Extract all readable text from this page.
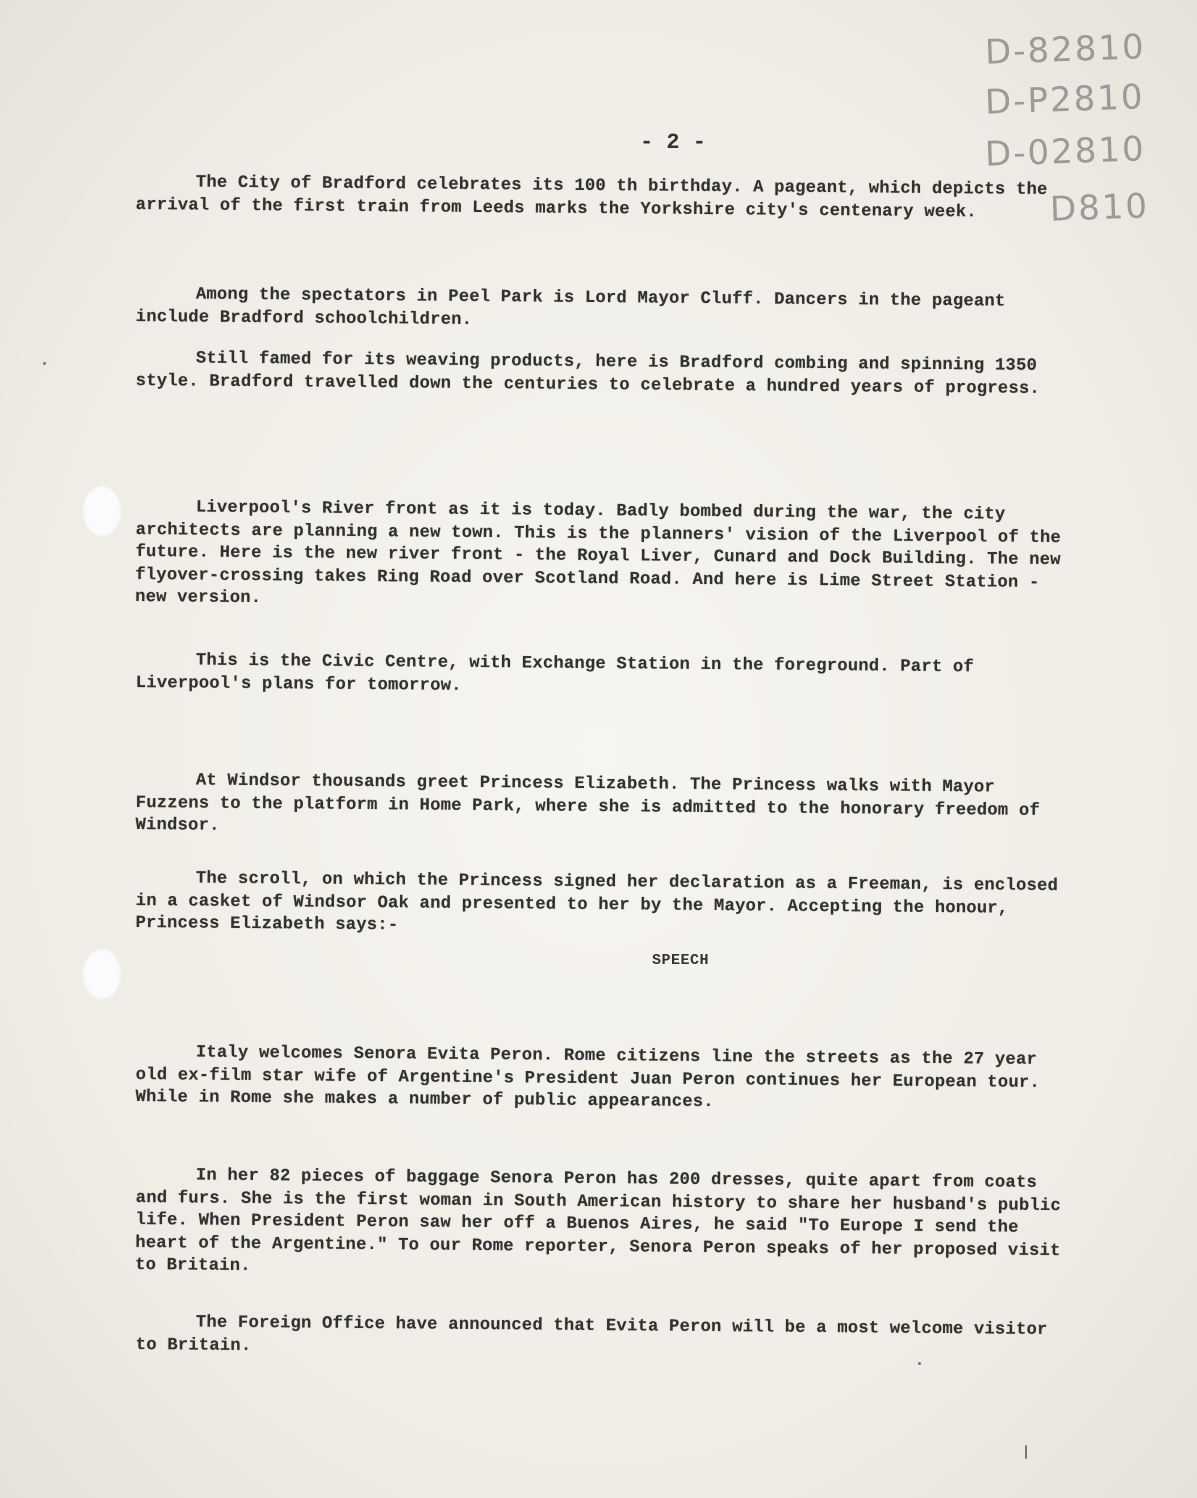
D-82810
D-P2810
D-02810
D810
- 2 -

The City of Bradford celebrates its 100 th birthday. A pageant, which depicts the arrival of the first train from Leeds marks the Yorkshire city's centenary week.

Among the spectators in Peel Park is Lord Mayor Cluff. Dancers in the pageant include Bradford schoolchildren.

Still famed for its weaving products, here is Bradford combing and spinning 1350 style. Bradford travelled down the centuries to celebrate a hundred years of progress.

Liverpool's River front as it is today. Badly bombed during the war, the city architects are planning a new town. This is the planners' vision of the Liverpool of the future. Here is the new river front - the Royal Liver, Cunard and Dock Building. The new flyover-crossing takes Ring Road over Scotland Road. And here is Lime Street Station - new version.

This is the Civic Centre, with Exchange Station in the foreground. Part of Liverpool's plans for tomorrow.

At Windsor thousands greet Princess Elizabeth. The Princess walks with Mayor Fuzzens to the platform in Home Park, where she is admitted to the honorary freedom of Windsor.

The scroll, on which the Princess signed her declaration as a Freeman, is enclosed in a casket of Windsor Oak and presented to her by the Mayor. Accepting the honour, Princess Elizabeth says:-

SPEECH

Italy welcomes Senora Evita Peron. Rome citizens line the streets as the 27 year old ex-film star wife of Argentine's President Juan Peron continues her European tour. While in Rome she makes a number of public appearances.

In her 82 pieces of baggage Senora Peron has 200 dresses, quite apart from coats and furs. She is the first woman in South American history to share her husband's public life. When President Peron saw her off a Buenos Aires, he said "To Europe I send the heart of the Argentine." To our Rome reporter, Senora Peron speaks of her proposed visit to Britain.

The Foreign Office have announced that Evita Peron will be a most welcome visitor to Britain.
